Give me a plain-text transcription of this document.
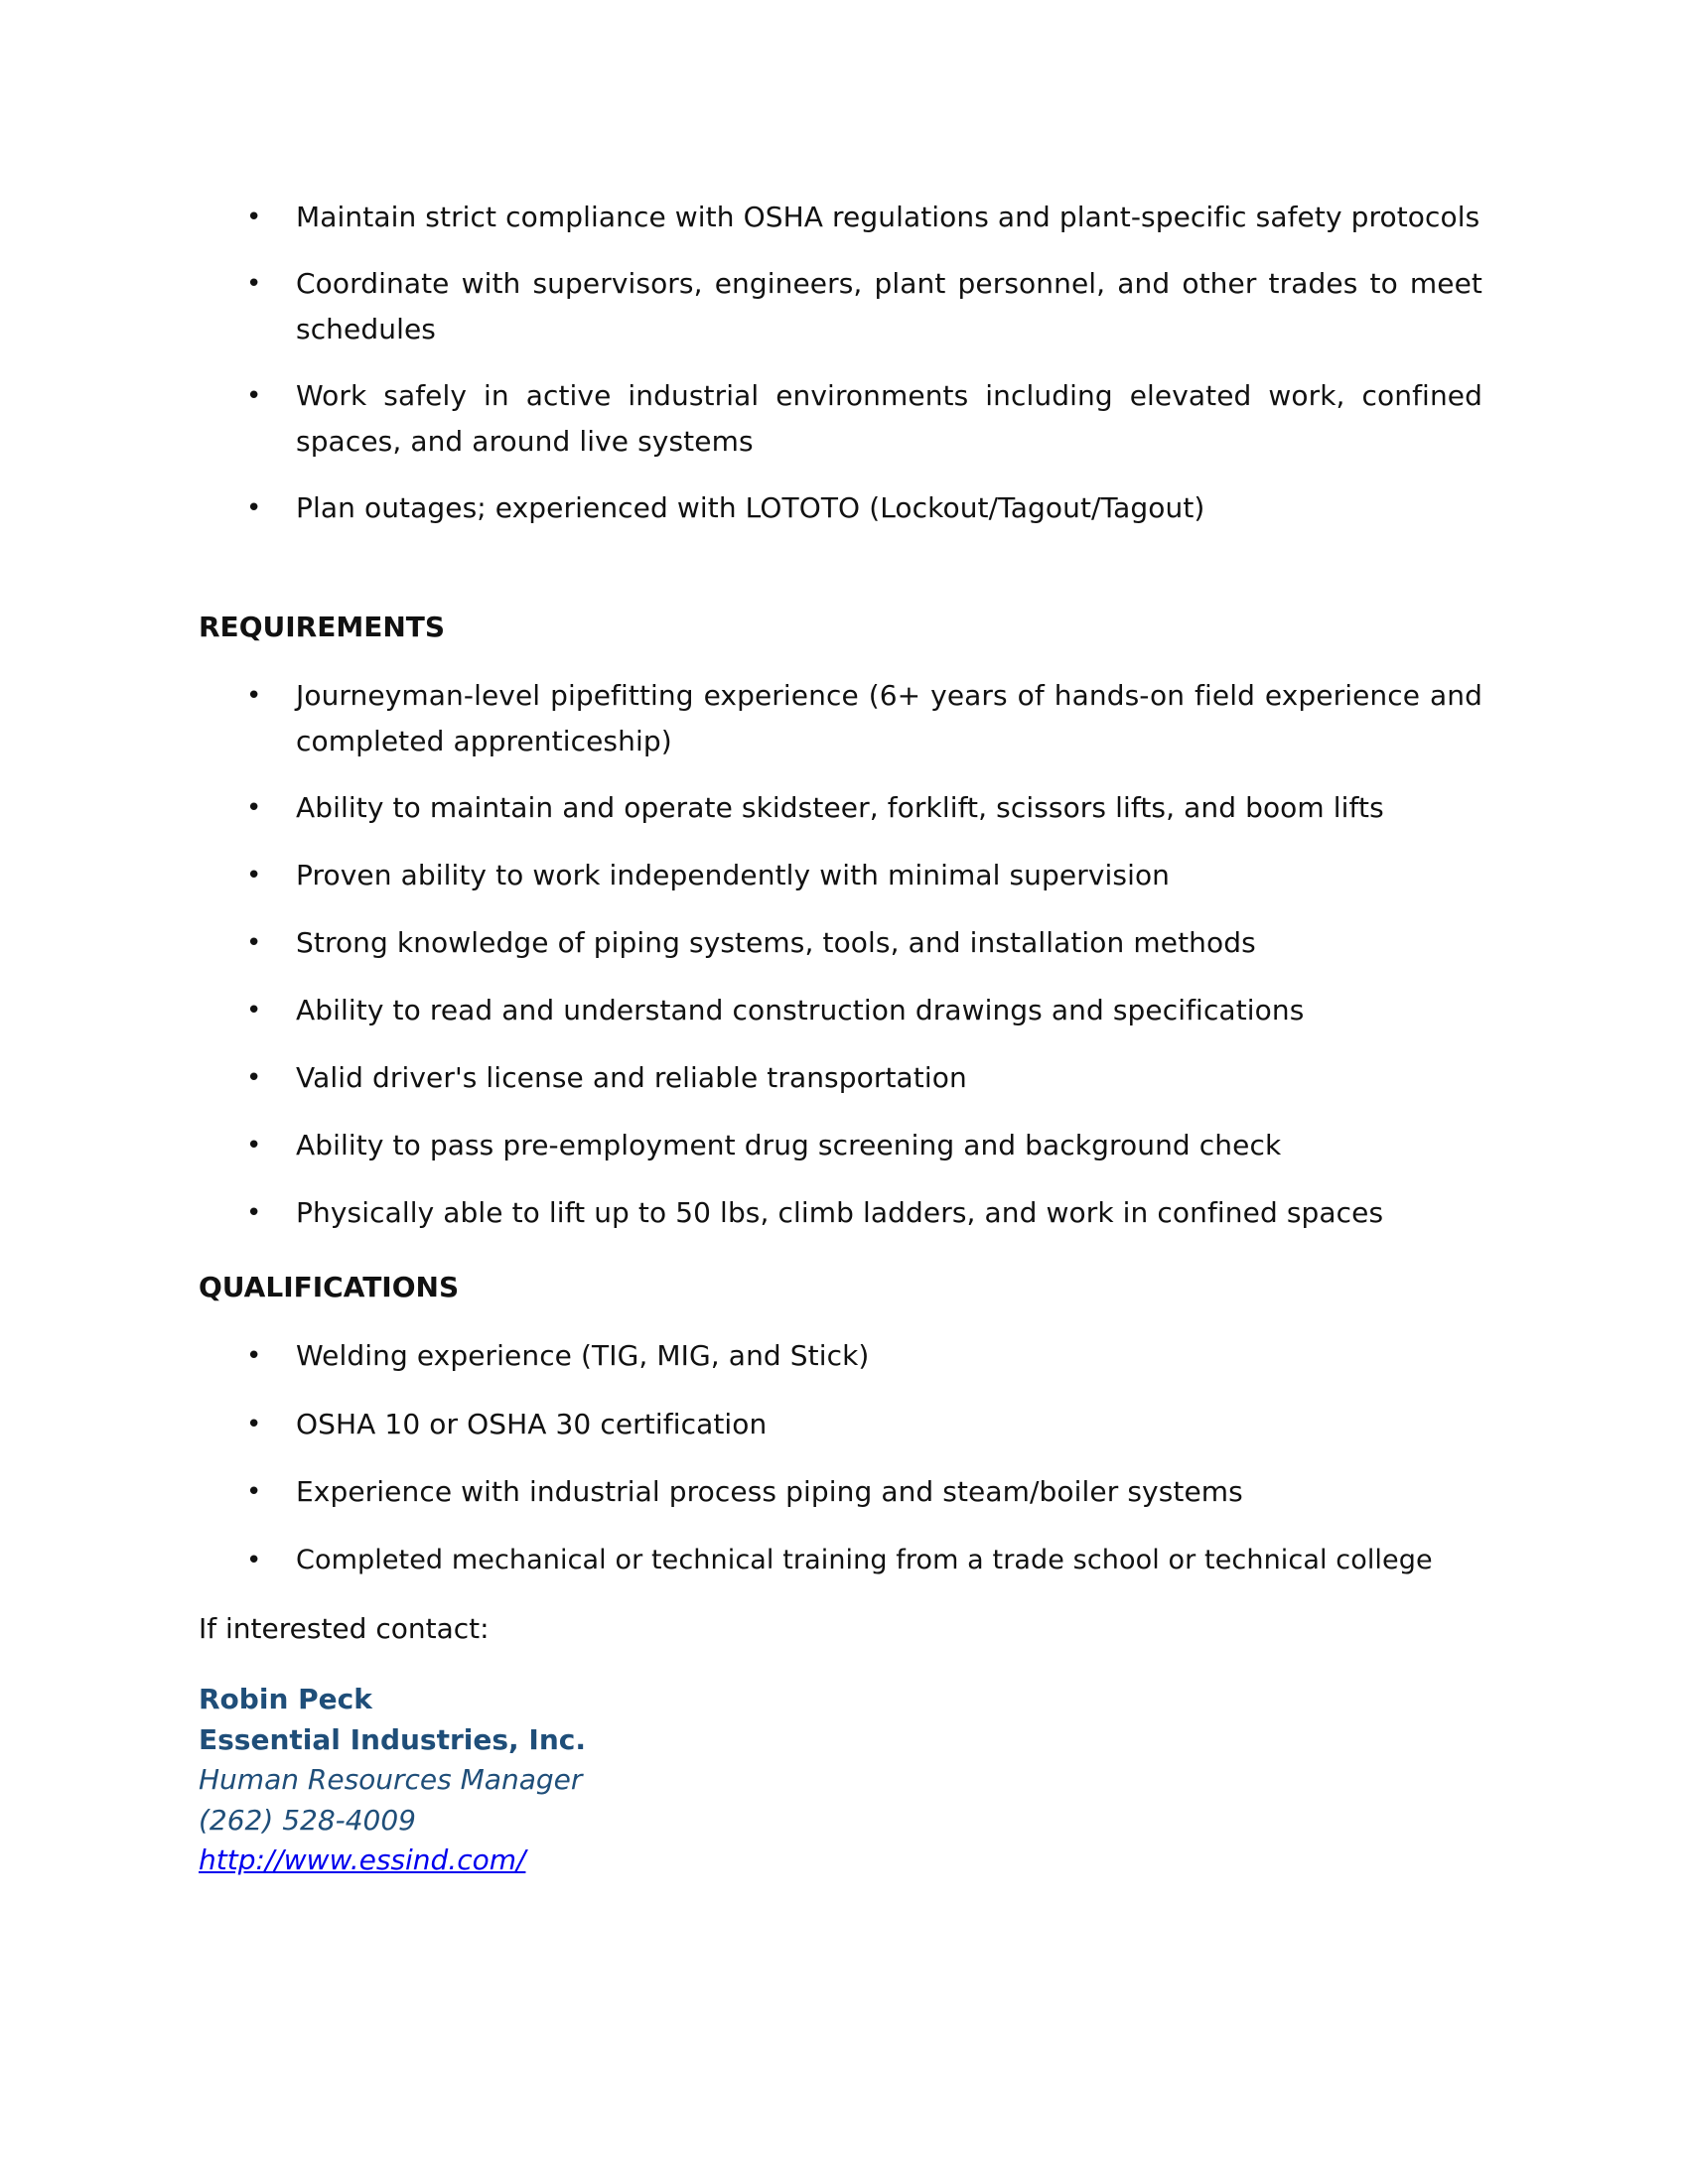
• Maintain strict compliance with OSHA regulations and plant-specific safety protocols
• Coordinate with supervisors, engineers, plant personnel, and other trades to meet schedules
• Work safely in active industrial environments including elevated work, confined spaces, and around live systems
• Plan outages; experienced with LOTOTO (Lockout/Tagout/Tagout)
REQUIREMENTS
• Journeyman-level pipefitting experience (6+ years of hands-on field experience and completed apprenticeship)
• Ability to maintain and operate skidsteer, forklift, scissors lifts, and boom lifts
• Proven ability to work independently with minimal supervision
• Strong knowledge of piping systems, tools, and installation methods
• Ability to read and understand construction drawings and specifications
• Valid driver's license and reliable transportation
• Ability to pass pre-employment drug screening and background check
• Physically able to lift up to 50 lbs, climb ladders, and work in confined spaces
QUALIFICATIONS
• Welding experience (TIG, MIG, and Stick)
• OSHA 10 or OSHA 30 certification
• Experience with industrial process piping and steam/boiler systems
• Completed mechanical or technical training from a trade school or technical college

If interested contact:

Robin Peck
Essential Industries, Inc.
Human Resources Manager
(262) 528-4009
http://www.essind.com/
